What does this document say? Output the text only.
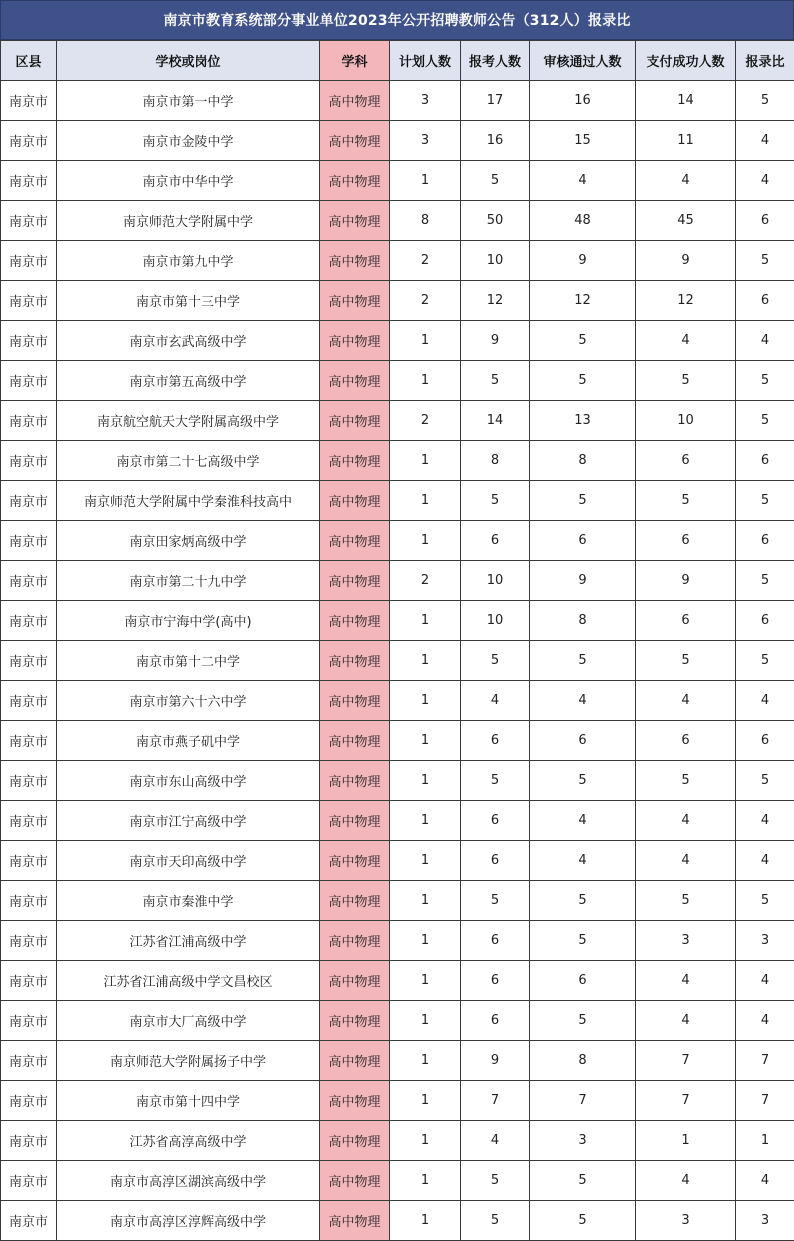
南京市教育系统部分事业单位2023年公开招聘教师公告（312人）报录比
区县	学校或岗位	学科	计划人数	报考人数	审核通过人数	支付成功人数	报录比
南京市	南京市第一中学	高中物理	3	17	16	14	5
南京市	南京市金陵中学	高中物理	3	16	15	11	4
南京市	南京市中华中学	高中物理	1	5	4	4	4
南京市	南京师范大学附属中学	高中物理	8	50	48	45	6
南京市	南京市第九中学	高中物理	2	10	9	9	5
南京市	南京市第十三中学	高中物理	2	12	12	12	6
南京市	南京市玄武高级中学	高中物理	1	9	5	4	4
南京市	南京市第五高级中学	高中物理	1	5	5	5	5
南京市	南京航空航天大学附属高级中学	高中物理	2	14	13	10	5
南京市	南京市第二十七高级中学	高中物理	1	8	8	6	6
南京市	南京师范大学附属中学秦淮科技高中	高中物理	1	5	5	5	5
南京市	南京田家炳高级中学	高中物理	1	6	6	6	6
南京市	南京市第二十九中学	高中物理	2	10	9	9	5
南京市	南京市宁海中学(高中)	高中物理	1	10	8	6	6
南京市	南京市第十二中学	高中物理	1	5	5	5	5
南京市	南京市第六十六中学	高中物理	1	4	4	4	4
南京市	南京市燕子矶中学	高中物理	1	6	6	6	6
南京市	南京市东山高级中学	高中物理	1	5	5	5	5
南京市	南京市江宁高级中学	高中物理	1	6	4	4	4
南京市	南京市天印高级中学	高中物理	1	6	4	4	4
南京市	南京市秦淮中学	高中物理	1	5	5	5	5
南京市	江苏省江浦高级中学	高中物理	1	6	5	3	3
南京市	江苏省江浦高级中学文昌校区	高中物理	1	6	6	4	4
南京市	南京市大厂高级中学	高中物理	1	6	5	4	4
南京市	南京师范大学附属扬子中学	高中物理	1	9	8	7	7
南京市	南京市第十四中学	高中物理	1	7	7	7	7
南京市	江苏省高淳高级中学	高中物理	1	4	3	1	1
南京市	南京市高淳区湖滨高级中学	高中物理	1	5	5	4	4
南京市	南京市高淳区淳辉高级中学	高中物理	1	5	5	3	3
